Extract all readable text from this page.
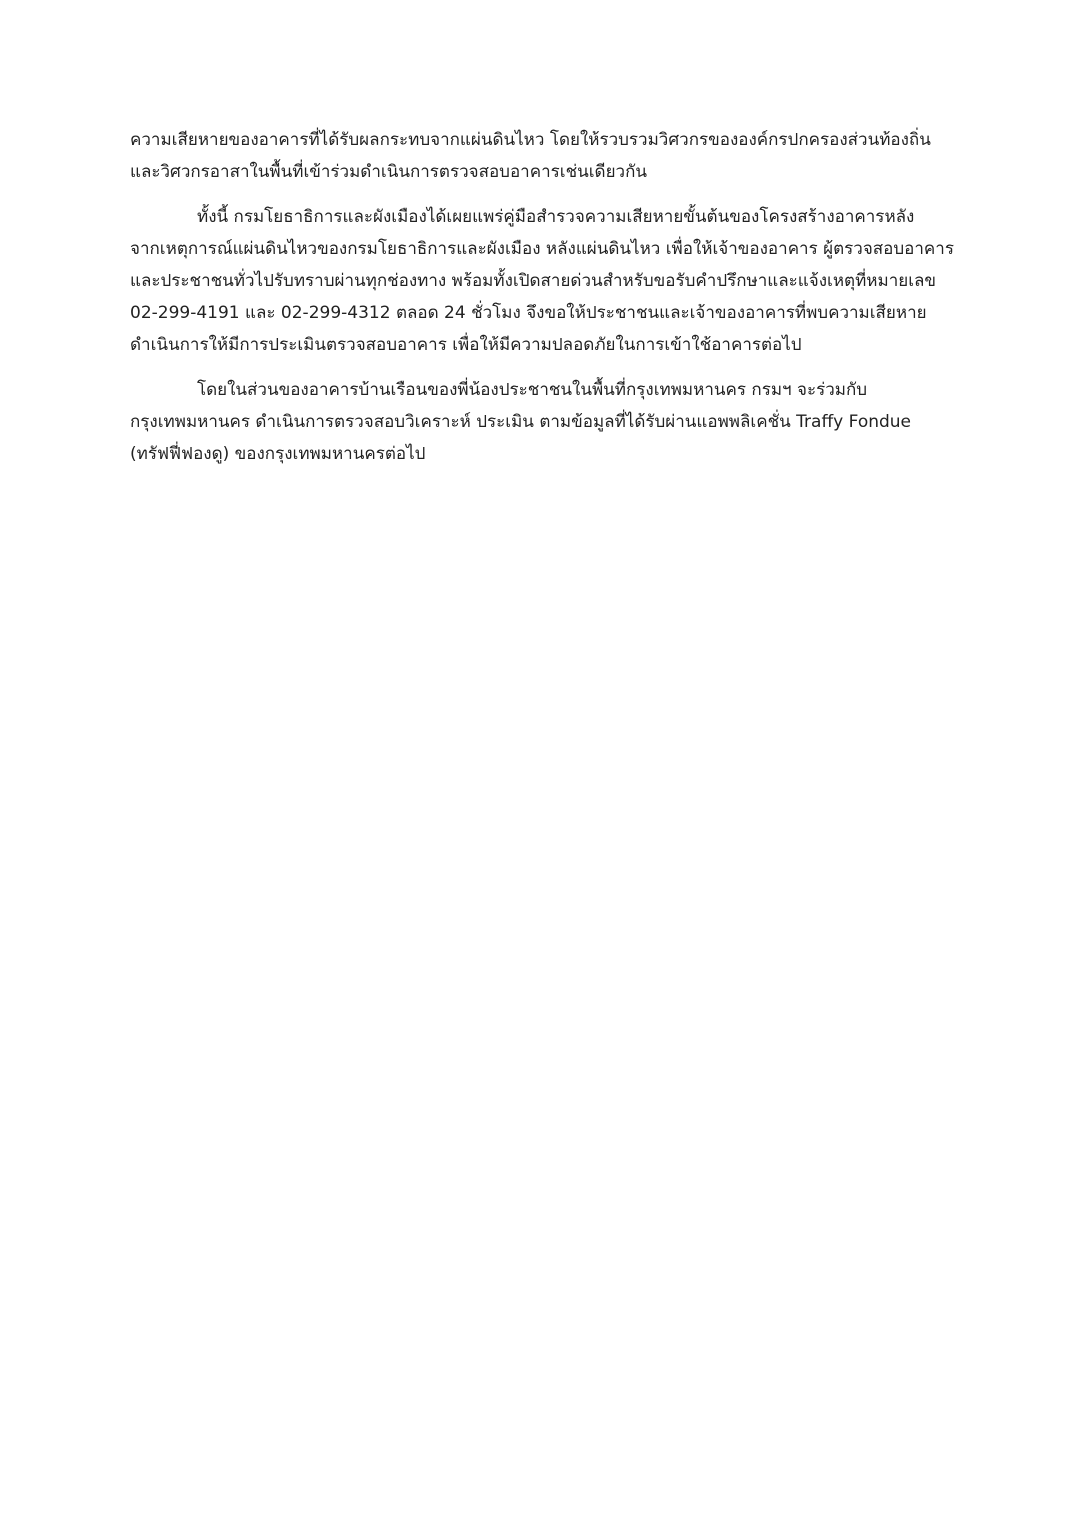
ความเสียหายของอาคารที่ได้รับผลกระทบจากแผ่นดินไหว โดยให้รวบรวมวิศวกรขององค์กรปกครองส่วนท้องถิ่น
และวิศวกรอาสาในพื้นที่เข้าร่วมดำเนินการตรวจสอบอาคารเช่นเดียวกัน
ทั้งนี้ กรมโยธาธิการและผังเมืองได้เผยแพร่คู่มือสำรวจความเสียหายขั้นต้นของโครงสร้างอาคารหลัง
จากเหตุการณ์แผ่นดินไหวของกรมโยธาธิการและผังเมือง หลังแผ่นดินไหว เพื่อให้เจ้าของอาคาร ผู้ตรวจสอบอาคาร
และประชาชนทั่วไปรับทราบผ่านทุกช่องทาง พร้อมทั้งเปิดสายด่วนสำหรับขอรับคำปรึกษาและแจ้งเหตุที่หมายเลข
02-299-4191 และ 02-299-4312 ตลอด 24 ชั่วโมง จึงขอให้ประชาชนและเจ้าของอาคารที่พบความเสียหาย
ดำเนินการให้มีการประเมินตรวจสอบอาคาร เพื่อให้มีความปลอดภัยในการเข้าใช้อาคารต่อไป
โดยในส่วนของอาคารบ้านเรือนของพี่น้องประชาชนในพื้นที่กรุงเทพมหานคร กรมฯ จะร่วมกับ
กรุงเทพมหานคร ดำเนินการตรวจสอบวิเคราะห์ ประเมิน ตามข้อมูลที่ได้รับผ่านแอพพลิเคชั่น Traffy Fondue
(ทรัฟฟี่ฟองดู) ของกรุงเทพมหานครต่อไป
